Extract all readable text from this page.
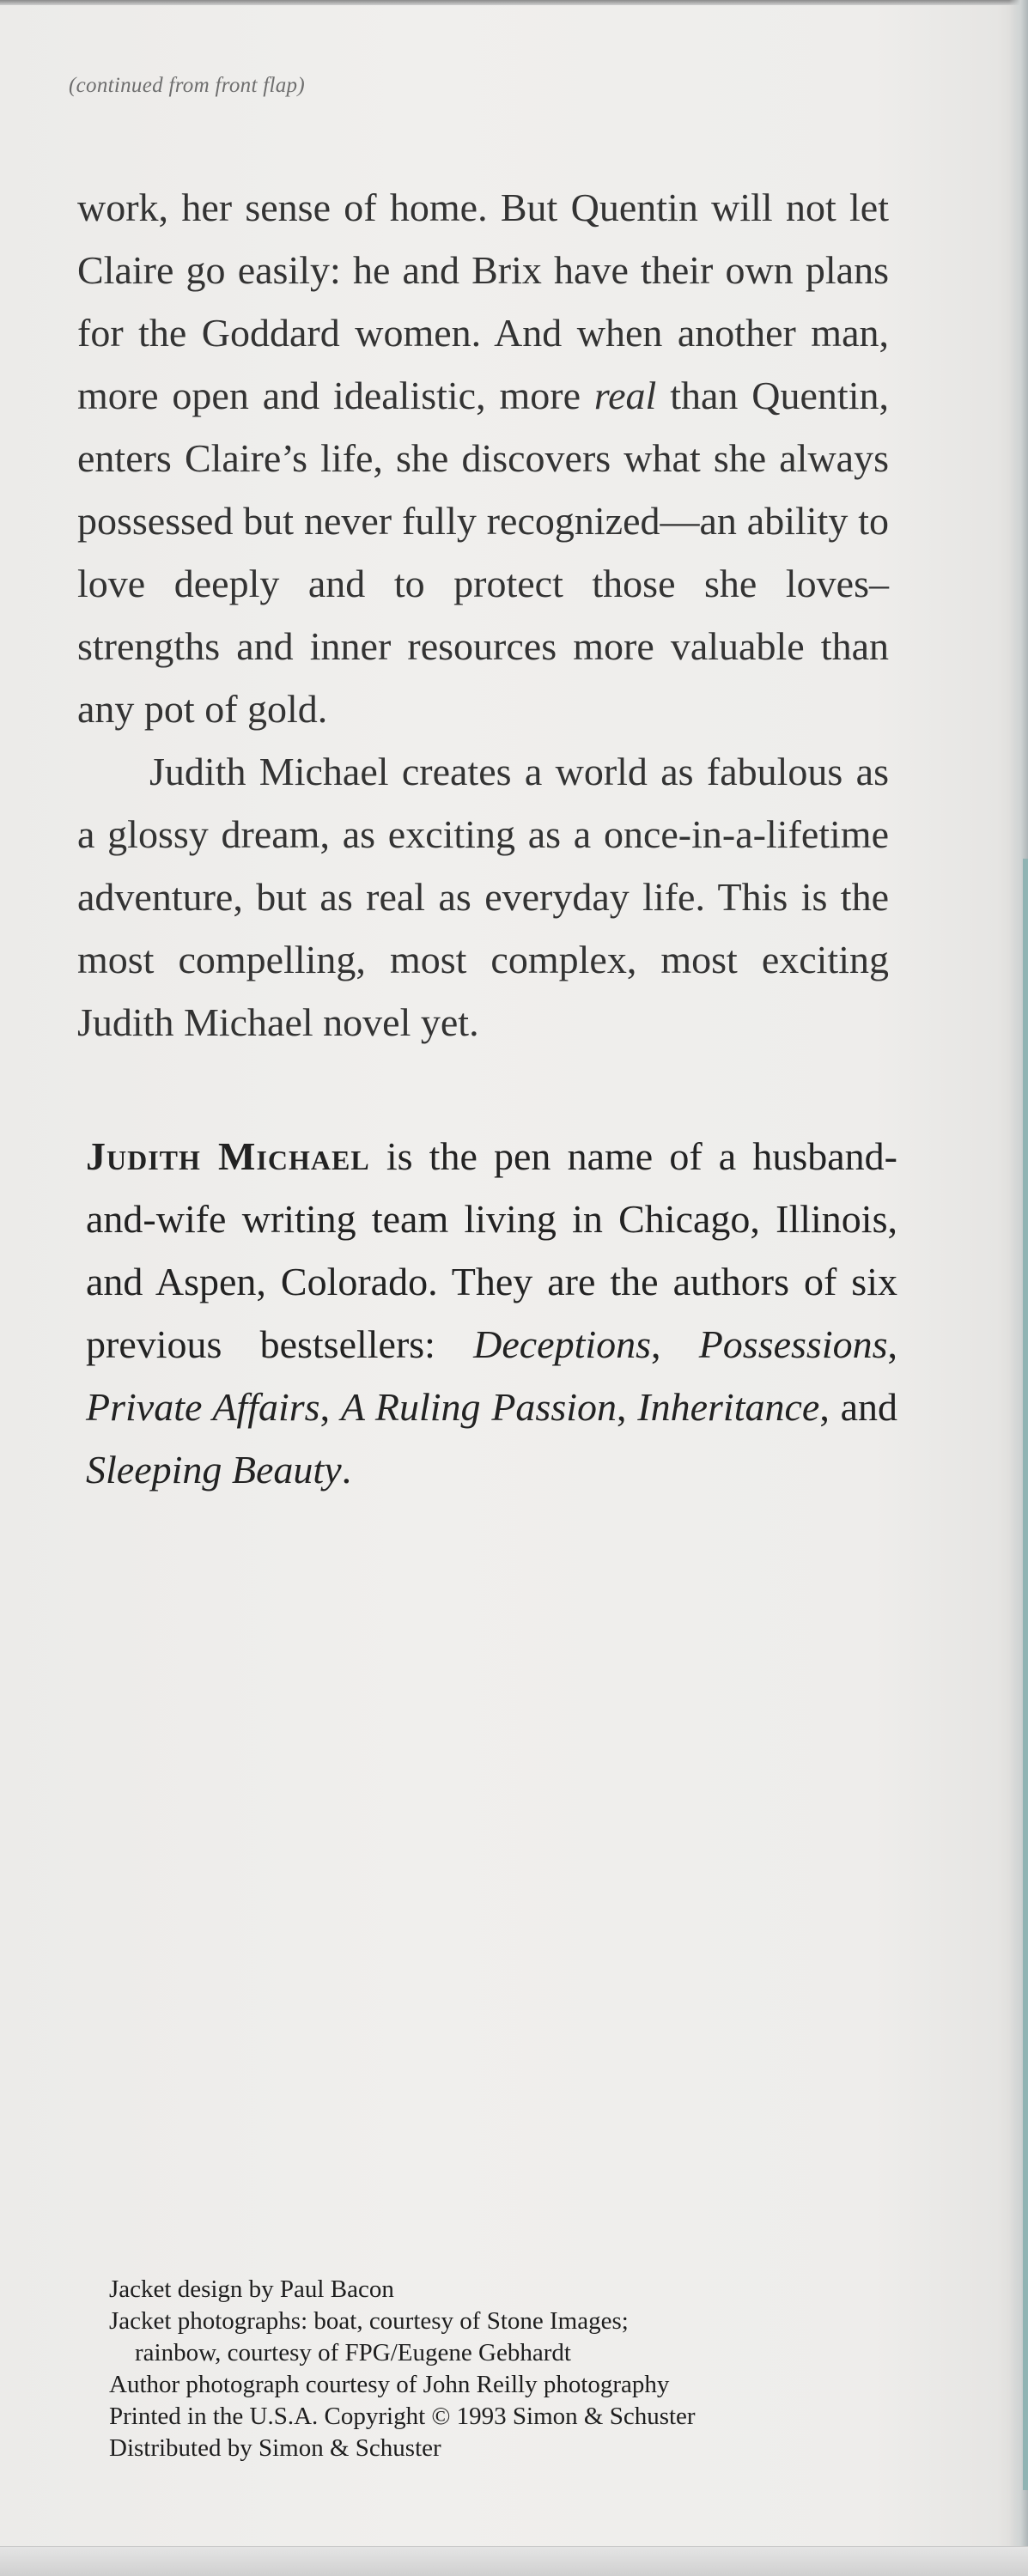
(continued from front flap)

work, her sense of home. But Quentin will not let Claire go easily: he and Brix have their own plans for the Goddard women. And when another man, more open and idealistic, more real than Quentin, enters Claire’s life, she discovers what she always possessed but never fully recognized—an ability to love deeply and to protect those she loves–strengths and inner resources more valuable than any pot of gold.

Judith Michael creates a world as fabulous as a glossy dream, as exciting as a once-in-a-lifetime adventure, but as real as everyday life. This is the most compelling, most complex, most exciting Judith Michael novel yet.

Judith Michael is the pen name of a husband-and-wife writing team living in Chicago, Illinois, and Aspen, Colorado. They are the authors of six previous bestsellers: Deceptions, Possessions, Private Affairs, A Ruling Passion, Inheritance, and Sleeping Beauty.

Jacket design by Paul Bacon
Jacket photographs: boat, courtesy of Stone Images;
rainbow, courtesy of FPG/Eugene Gebhardt
Author photograph courtesy of John Reilly photography
Printed in the U.S.A. Copyright © 1993 Simon & Schuster
Distributed by Simon & Schuster
